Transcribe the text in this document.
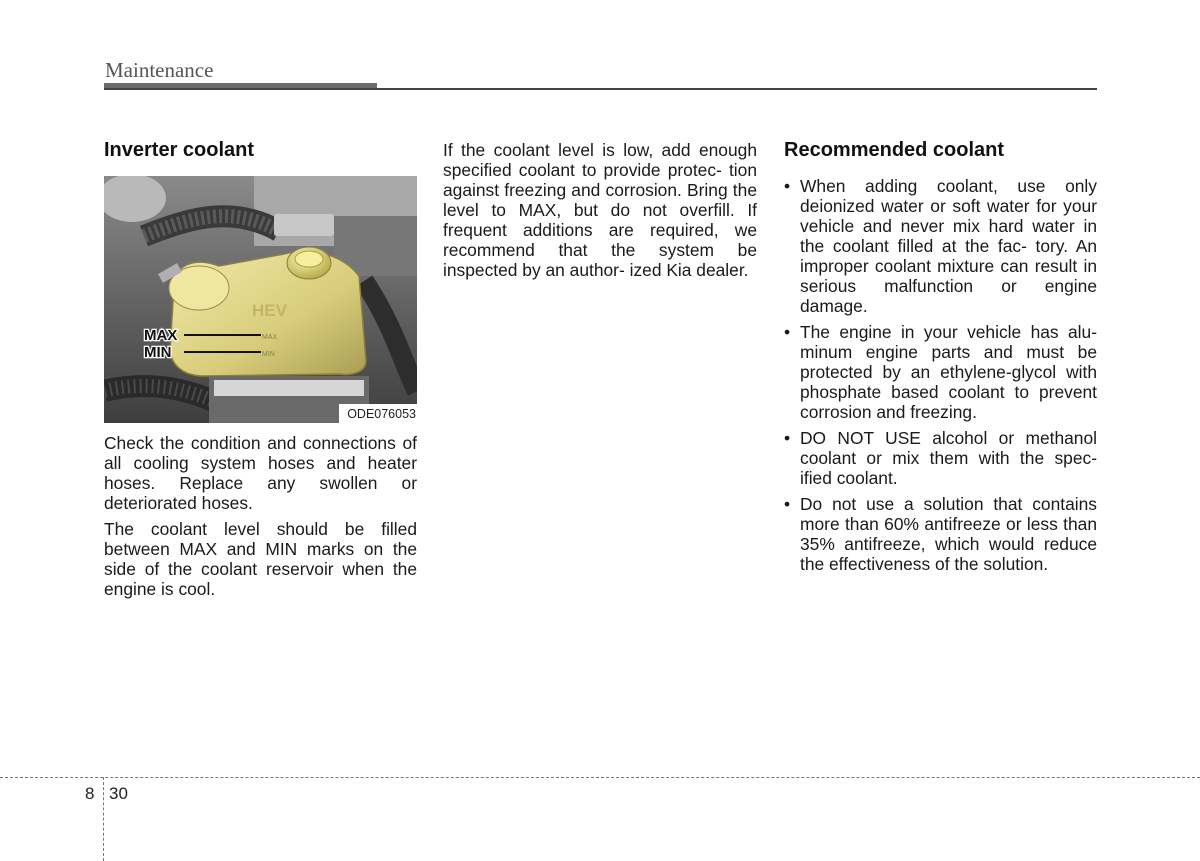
Maintenance
Inverter coolant
HEV
MAX
MIN
MAX
MIN
ODE076053

Check the condition and connections of all cooling system hoses and heater hoses. Replace any swollen or deteriorated hoses.

The coolant level should be filled between MAX and MIN marks on the side of the coolant reservoir when the engine is cool.

If the coolant level is low, add enough specified coolant to provide protec- tion against freezing and corrosion. Bring the level to MAX, but do not overfill. If frequent additions are required, we recommend that the system be inspected by an author- ized Kia dealer.

Recommended coolant
• When adding coolant, use only deionized water or soft water for your vehicle and never mix hard water in the coolant filled at the fac- tory. An improper coolant mixture can result in serious malfunction or engine damage.
• The engine in your vehicle has alu- minum engine parts and must be protected by an ethylene-glycol with phosphate based coolant to prevent corrosion and freezing.
• DO NOT USE alcohol or methanol coolant or mix them with the spec- ified coolant.
• Do not use a solution that contains more than 60% antifreeze or less than 35% antifreeze, which would reduce the effectiveness of the solution.
8 30
